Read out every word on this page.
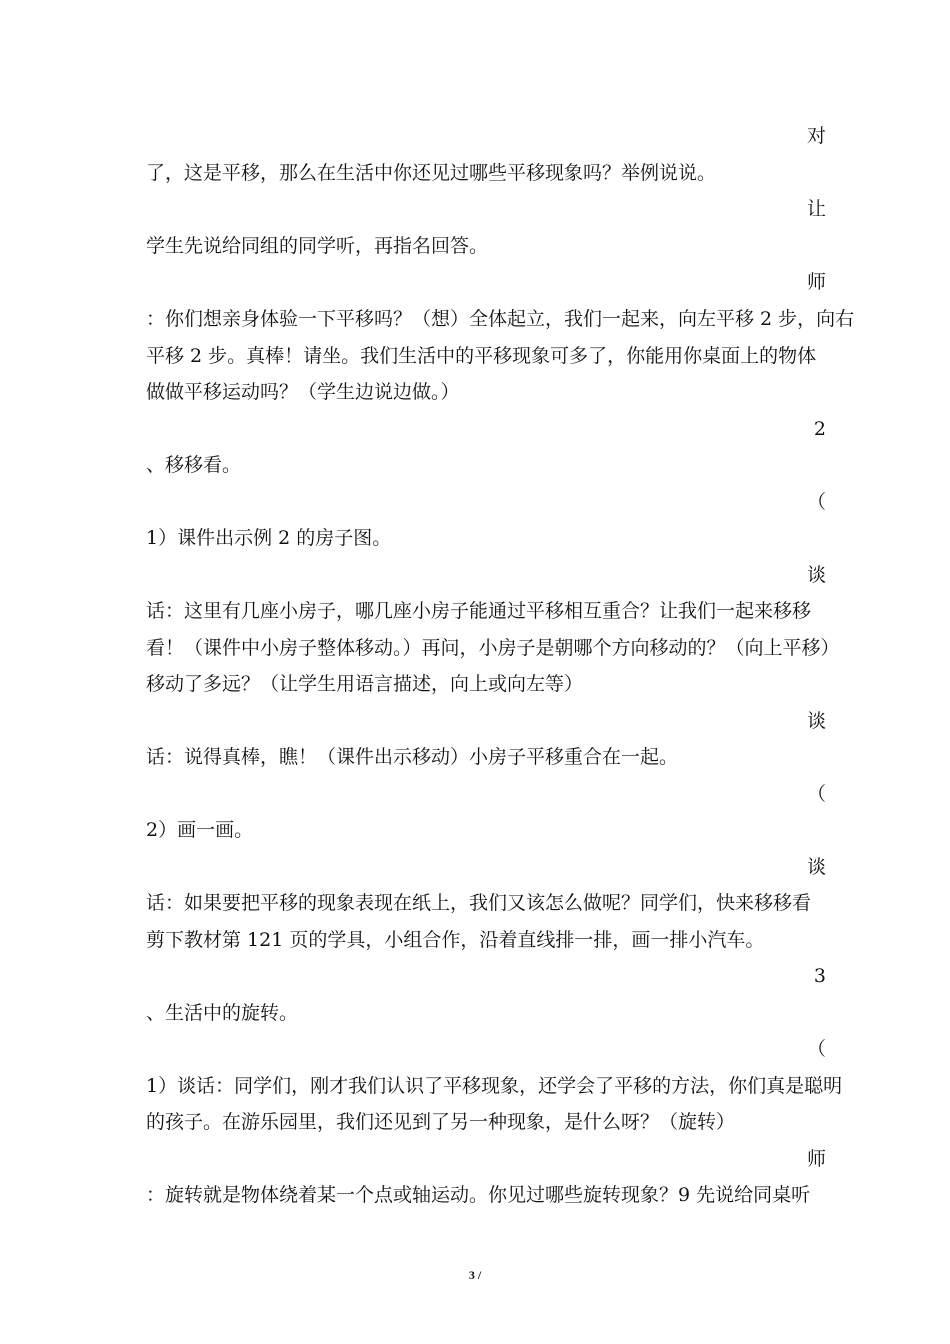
对
了，这是平移，那么在生活中你还见过哪些平移现象吗？举例说说。
让
学生先说给同组的同学听，再指名回答。
师
：你们想亲身体验一下平移吗？（想）全体起立，我们一起来，向左平移 2 步，向右
平移 2 步。真棒！请坐。我们生活中的平移现象可多了，你能用你桌面上的物体
做做平移运动吗？（学生边说边做。）
2
、移移看。
（
1）课件出示例 2 的房子图。
谈
话：这里有几座小房子，哪几座小房子能通过平移相互重合？让我们一起来移移
看！（课件中小房子整体移动。）再问，小房子是朝哪个方向移动的？（向上平移）
移动了多远？（让学生用语言描述，向上或向左等）
谈
话：说得真棒，瞧！（课件出示移动）小房子平移重合在一起。
（
2）画一画。
谈
话：如果要把平移的现象表现在纸上，我们又该怎么做呢？同学们，快来移移看
剪下教材第 121 页的学具，小组合作，沿着直线排一排，画一排小汽车。
3
、生活中的旋转。
（
1）谈话：同学们，刚才我们认识了平移现象，还学会了平移的方法，你们真是聪明
的孩子。在游乐园里，我们还见到了另一种现象，是什么呀？（旋转）
师
：旋转就是物体绕着某一个点或轴运动。你见过哪些旋转现象？9 先说给同桌听
3 /
